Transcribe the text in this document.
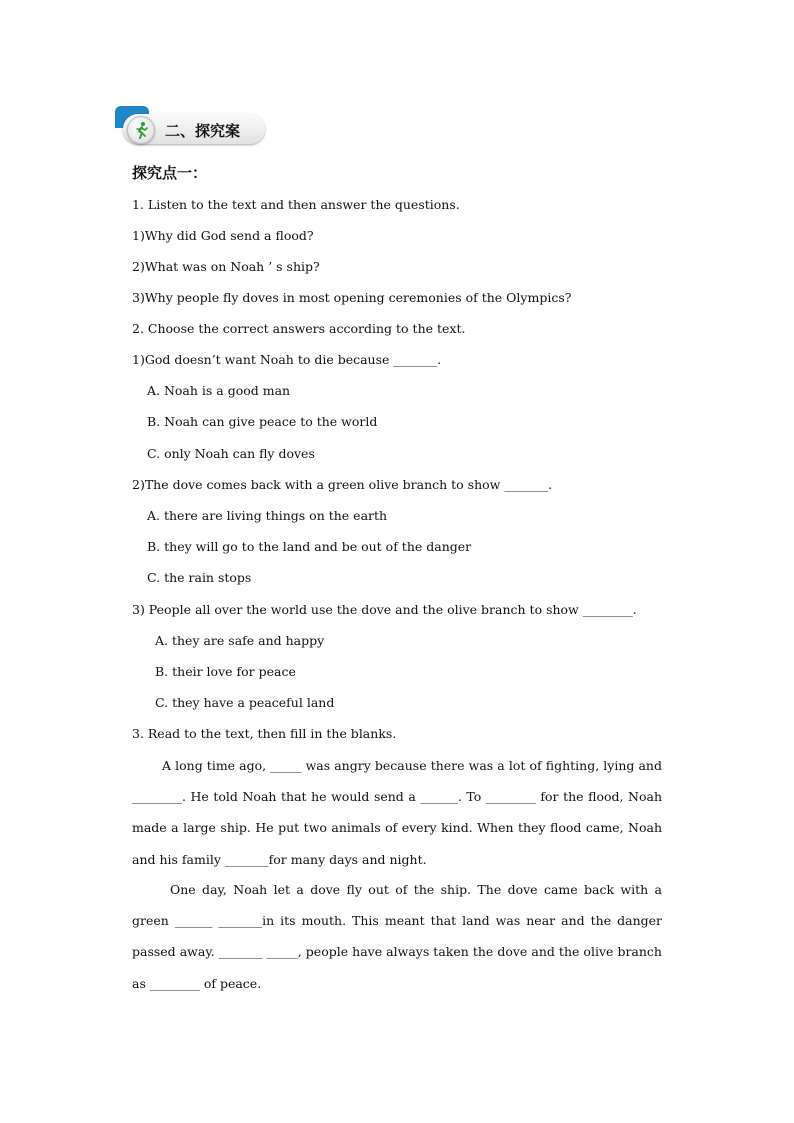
二、探究案
探究点一：
1. Listen to the text and then answer the questions.
1)Why did God send a flood?
2)What was on Noah ’ s ship?
3)Why people fly doves in most opening ceremonies of the Olympics?
2. Choose the correct answers according to the text.
1)God doesn’t want Noah to die because _______.
A. Noah is a good man
B. Noah can give peace to the world
C. only Noah can fly doves
2)The dove comes back with a green olive branch to show _______.
A. there are living things on the earth
B. they will go to the land and be out of the danger
C. the rain stops
3) People all over the world use the dove and the olive branch to show ________.
A. they are safe and happy
B. their love for peace
C. they have a peaceful land
3. Read to the text, then fill in the blanks.
A long time ago, _____ was angry because there was a lot of fighting, lying and ________. He told Noah that he would send a ______. To ________ for the flood, Noah made a large ship. He put two animals of every kind. When they flood came, Noah and his family _______for many days and night.
One day, Noah let a dove fly out of the ship. The dove came back with a green ______ _______in its mouth. This meant that land was near and the danger passed away. _______ _____, people have always taken the dove and the olive branch as ________ of peace.
